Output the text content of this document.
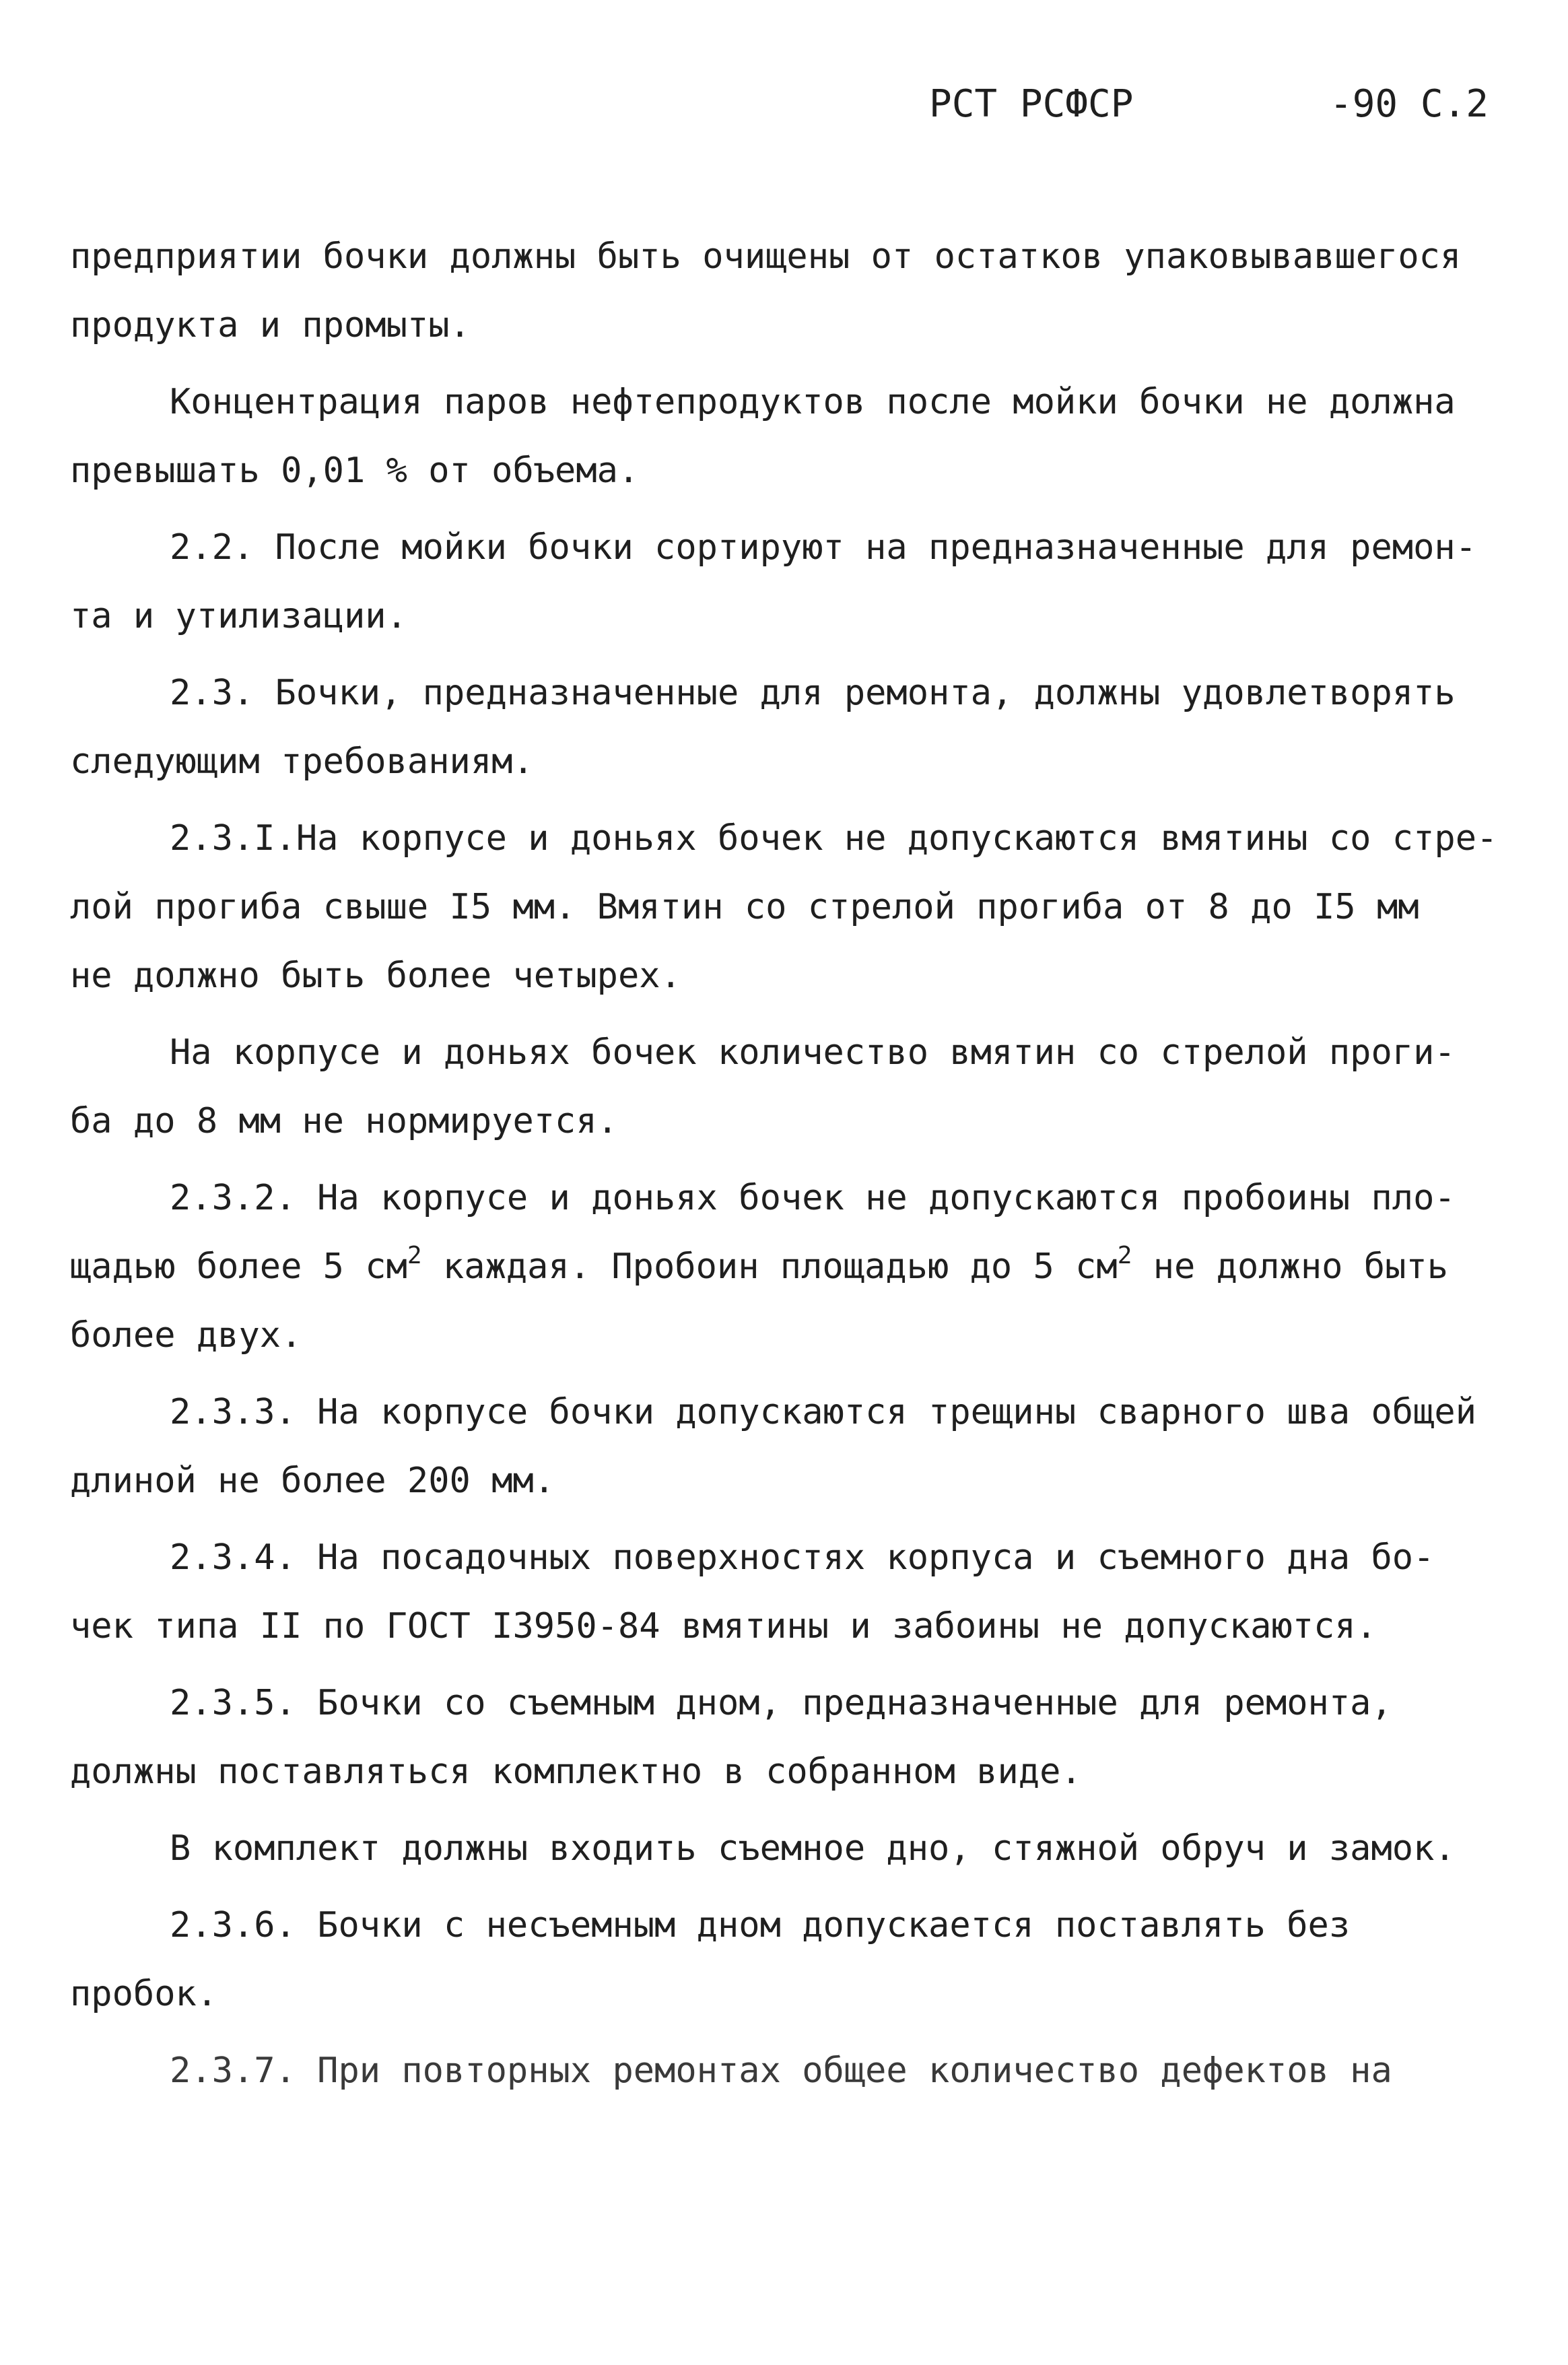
РСТ РСФСР	-90 С.2
предприятии бочки должны быть очищены от остатков упаковывавшегося
продукта и промыты.
Концентрация паров нефтепродуктов после мойки бочки не должна
превышать 0,01 % от объема.
2.2. После мойки бочки сортируют на предназначенные для ремон-
та и утилизации.
2.3. Бочки, предназначенные для ремонта, должны удовлетворять
следующим требованиям.
2.3.I.На корпусе и доньях бочек не допускаются вмятины со стре-
лой прогиба свыше I5 мм. Вмятин со стрелой прогиба от 8 до I5 мм
не должно быть более четырех.
На корпусе и доньях бочек количество вмятин со стрелой проги-
ба до 8 мм не нормируется.
2.3.2. На корпусе и доньях бочек не допускаются пробоины пло-
щадью более 5 $см^2$ каждая. Пробоин площадью до 5 $см^2$ не должно быть
более двух.
2.3.3. На корпусе бочки допускаются трещины сварного шва общей
длиной не более 200 мм.
2.3.4. На посадочных поверхностях корпуса и съемного дна бо-
чек типа II по ГОСТ I3950-84 вмятины и забоины не допускаются.
2.3.5. Бочки со съемным дном, предназначенные для ремонта,
должны поставляться комплектно в собранном виде.
В комплект должны входить съемное дно, стяжной обруч и замок.
2.3.6. Бочки с несъемным дном допускается поставлять без
пробок.
2.3.7. При повторных ремонтах общее количество дефектов на
